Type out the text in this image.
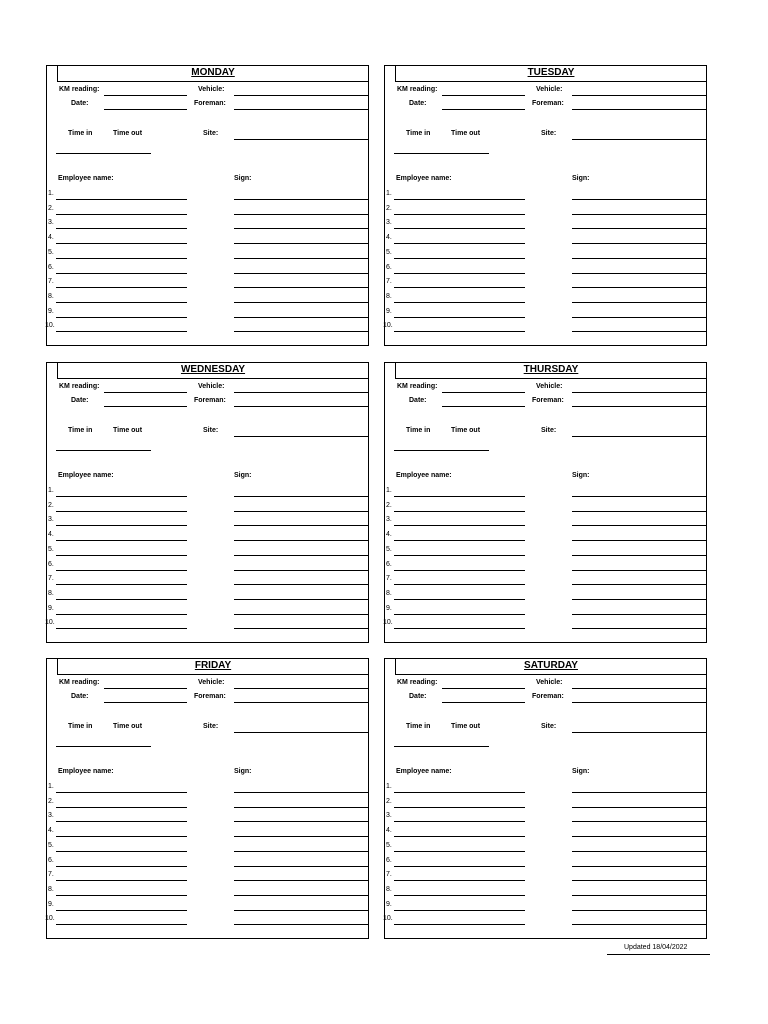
MONDAY
KM reading:	Vehicle:
Date:	Foreman:
Time in	Time out	Site:
Employee name:	Sign:
1.
2.
3.
4.
5.
6.
7.
8.
9.
10.
TUESDAY
KM reading:	Vehicle:
Date:	Foreman:
Time in	Time out	Site:
Employee name:	Sign:
1.
2.
3.
4.
5.
6.
7.
8.
9.
10.
WEDNESDAY
KM reading:	Vehicle:
Date:	Foreman:
Time in	Time out	Site:
Employee name:	Sign:
1.
2.
3.
4.
5.
6.
7.
8.
9.
10.
THURSDAY
KM reading:	Vehicle:
Date:	Foreman:
Time in	Time out	Site:
Employee name:	Sign:
1.
2.
3.
4.
5.
6.
7.
8.
9.
10.
FRIDAY
KM reading:	Vehicle:
Date:	Foreman:
Time in	Time out	Site:
Employee name:	Sign:
1.
2.
3.
4.
5.
6.
7.
8.
9.
10.
SATURDAY
KM reading:	Vehicle:
Date:	Foreman:
Time in	Time out	Site:
Employee name:	Sign:
1.
2.
3.
4.
5.
6.
7.
8.
9.
10.
Updated 18/04/2022
